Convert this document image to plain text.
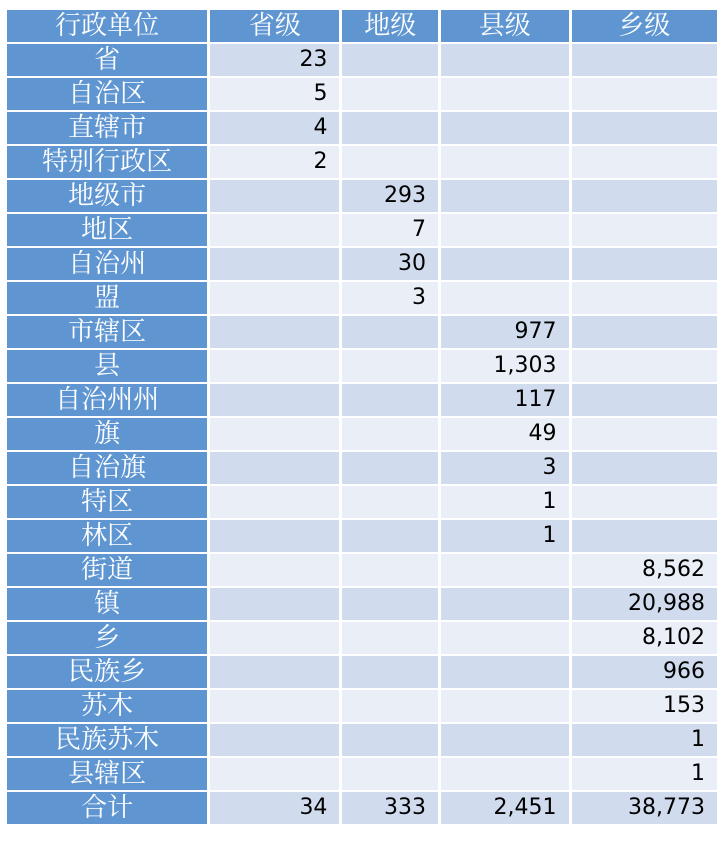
行政单位	省级	地级	县级	乡级
省	23			
自治区	5			
直辖市	4			
特别行政区	2			
地级市		293		
地区		7		
自治州		30		
盟		3		
市辖区			977	
县			1,303	
自治州州			117	
旗			49	
自治旗			3	
特区			1	
林区			1	
街道				8,562
镇				20,988
乡				8,102
民族乡				966
苏木				153
民族苏木				1
县辖区				1
合计	34	333	2,451	38,773
